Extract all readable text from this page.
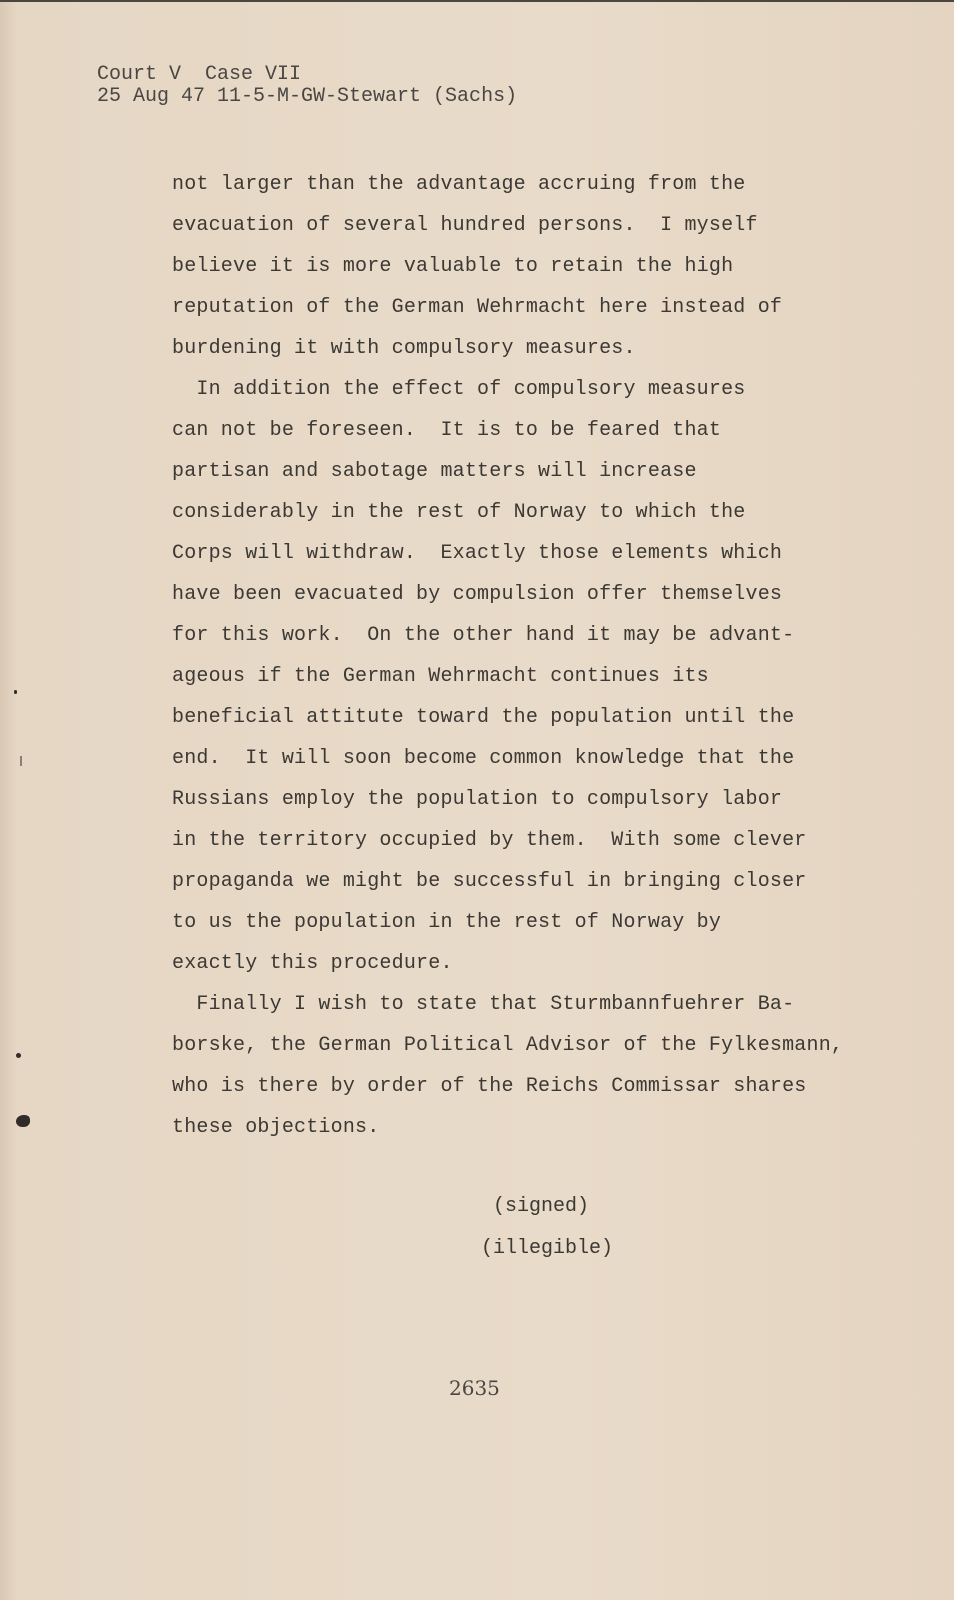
Court V  Case VII
25 Aug 47 11-5-M-GW-Stewart (Sachs)
not larger than the advantage accruing from the
evacuation of several hundred persons.  I myself
believe it is more valuable to retain the high
reputation of the German Wehrmacht here instead of
burdening it with compulsory measures.
In addition the effect of compulsory measures
can not be foreseen.  It is to be feared that
partisan and sabotage matters will increase
considerably in the rest of Norway to which the
Corps will withdraw.  Exactly those elements which
have been evacuated by compulsion offer themselves
for this work.  On the other hand it may be advant-
ageous if the German Wehrmacht continues its
beneficial attitute toward the population until the
end.  It will soon become common knowledge that the
Russians employ the population to compulsory labor
in the territory occupied by them.  With some clever
propaganda we might be successful in bringing closer
to us the population in the rest of Norway by
exactly this procedure.
Finally I wish to state that Sturmbannfuehrer Ba-
borske, the German Political Advisor of the Fylkesmann,
who is there by order of the Reichs Commissar shares
these objections.
(signed)
(illegible)
2635
